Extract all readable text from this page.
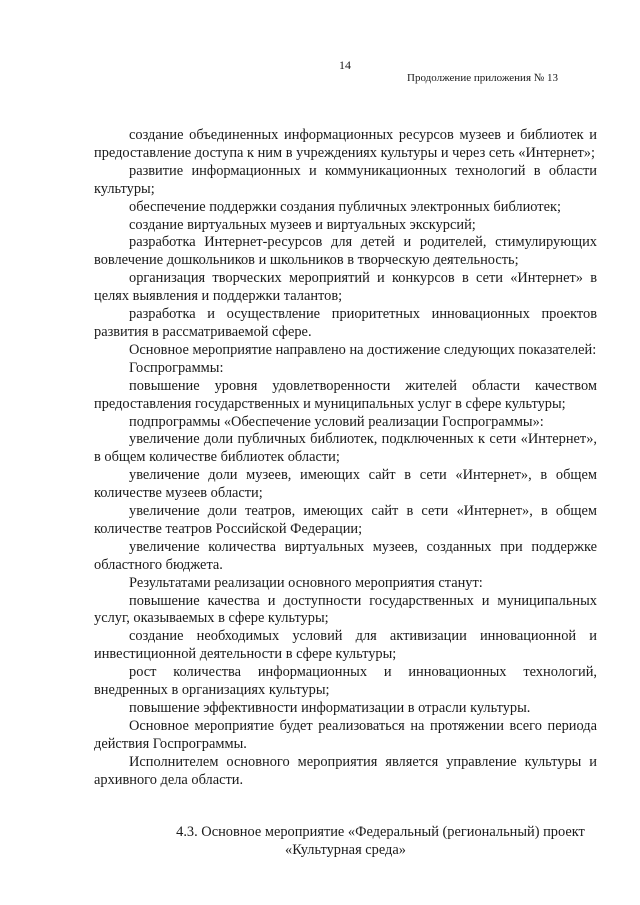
14
Продолжение приложения № 13

создание объединенных информационных ресурсов музеев и библиотек и предоставление доступа к ним в учреждениях культуры и через сеть «Интернет»;

развитие информационных и коммуникационных технологий в области культуры;

обеспечение поддержки создания публичных электронных библиотек;

создание виртуальных музеев и виртуальных экскурсий;

разработка Интернет-ресурсов для детей и родителей, стимулирующих вовлечение дошкольников и школьников в творческую деятельность;

организация творческих мероприятий и конкурсов в сети «Интернет» в целях выявления и поддержки талантов;

разработка и осуществление приоритетных инновационных проектов развития в рассматриваемой сфере.

Основное мероприятие направлено на достижение следующих показателей:

Госпрограммы:

повышение уровня удовлетворенности жителей области качеством предоставления государственных и муниципальных услуг в сфере культуры;

подпрограммы «Обеспечение условий реализации Госпрограммы»:

увеличение доли публичных библиотек, подключенных к сети «Интернет», в общем количестве библиотек области;

увеличение доли музеев, имеющих сайт в сети «Интернет», в общем количестве музеев области;

увеличение доли театров, имеющих сайт в сети «Интернет», в общем количестве театров Российской Федерации;

увеличение количества виртуальных музеев, созданных при поддержке областного бюджета.

Результатами реализации основного мероприятия станут:

повышение качества и доступности государственных и муниципальных услуг, оказываемых в сфере культуры;

создание необходимых условий для активизации инновационной и инвестиционной деятельности в сфере культуры;

рост количества информационных и инновационных технологий, внедренных в организациях культуры;

повышение эффективности информатизации в отрасли культуры.

Основное мероприятие будет реализоваться на протяжении всего периода действия Госпрограммы.

Исполнителем основного мероприятия является управление культуры и архивного дела области.

4.3. Основное мероприятие «Федеральный (региональный) проект
«Культурная среда»
